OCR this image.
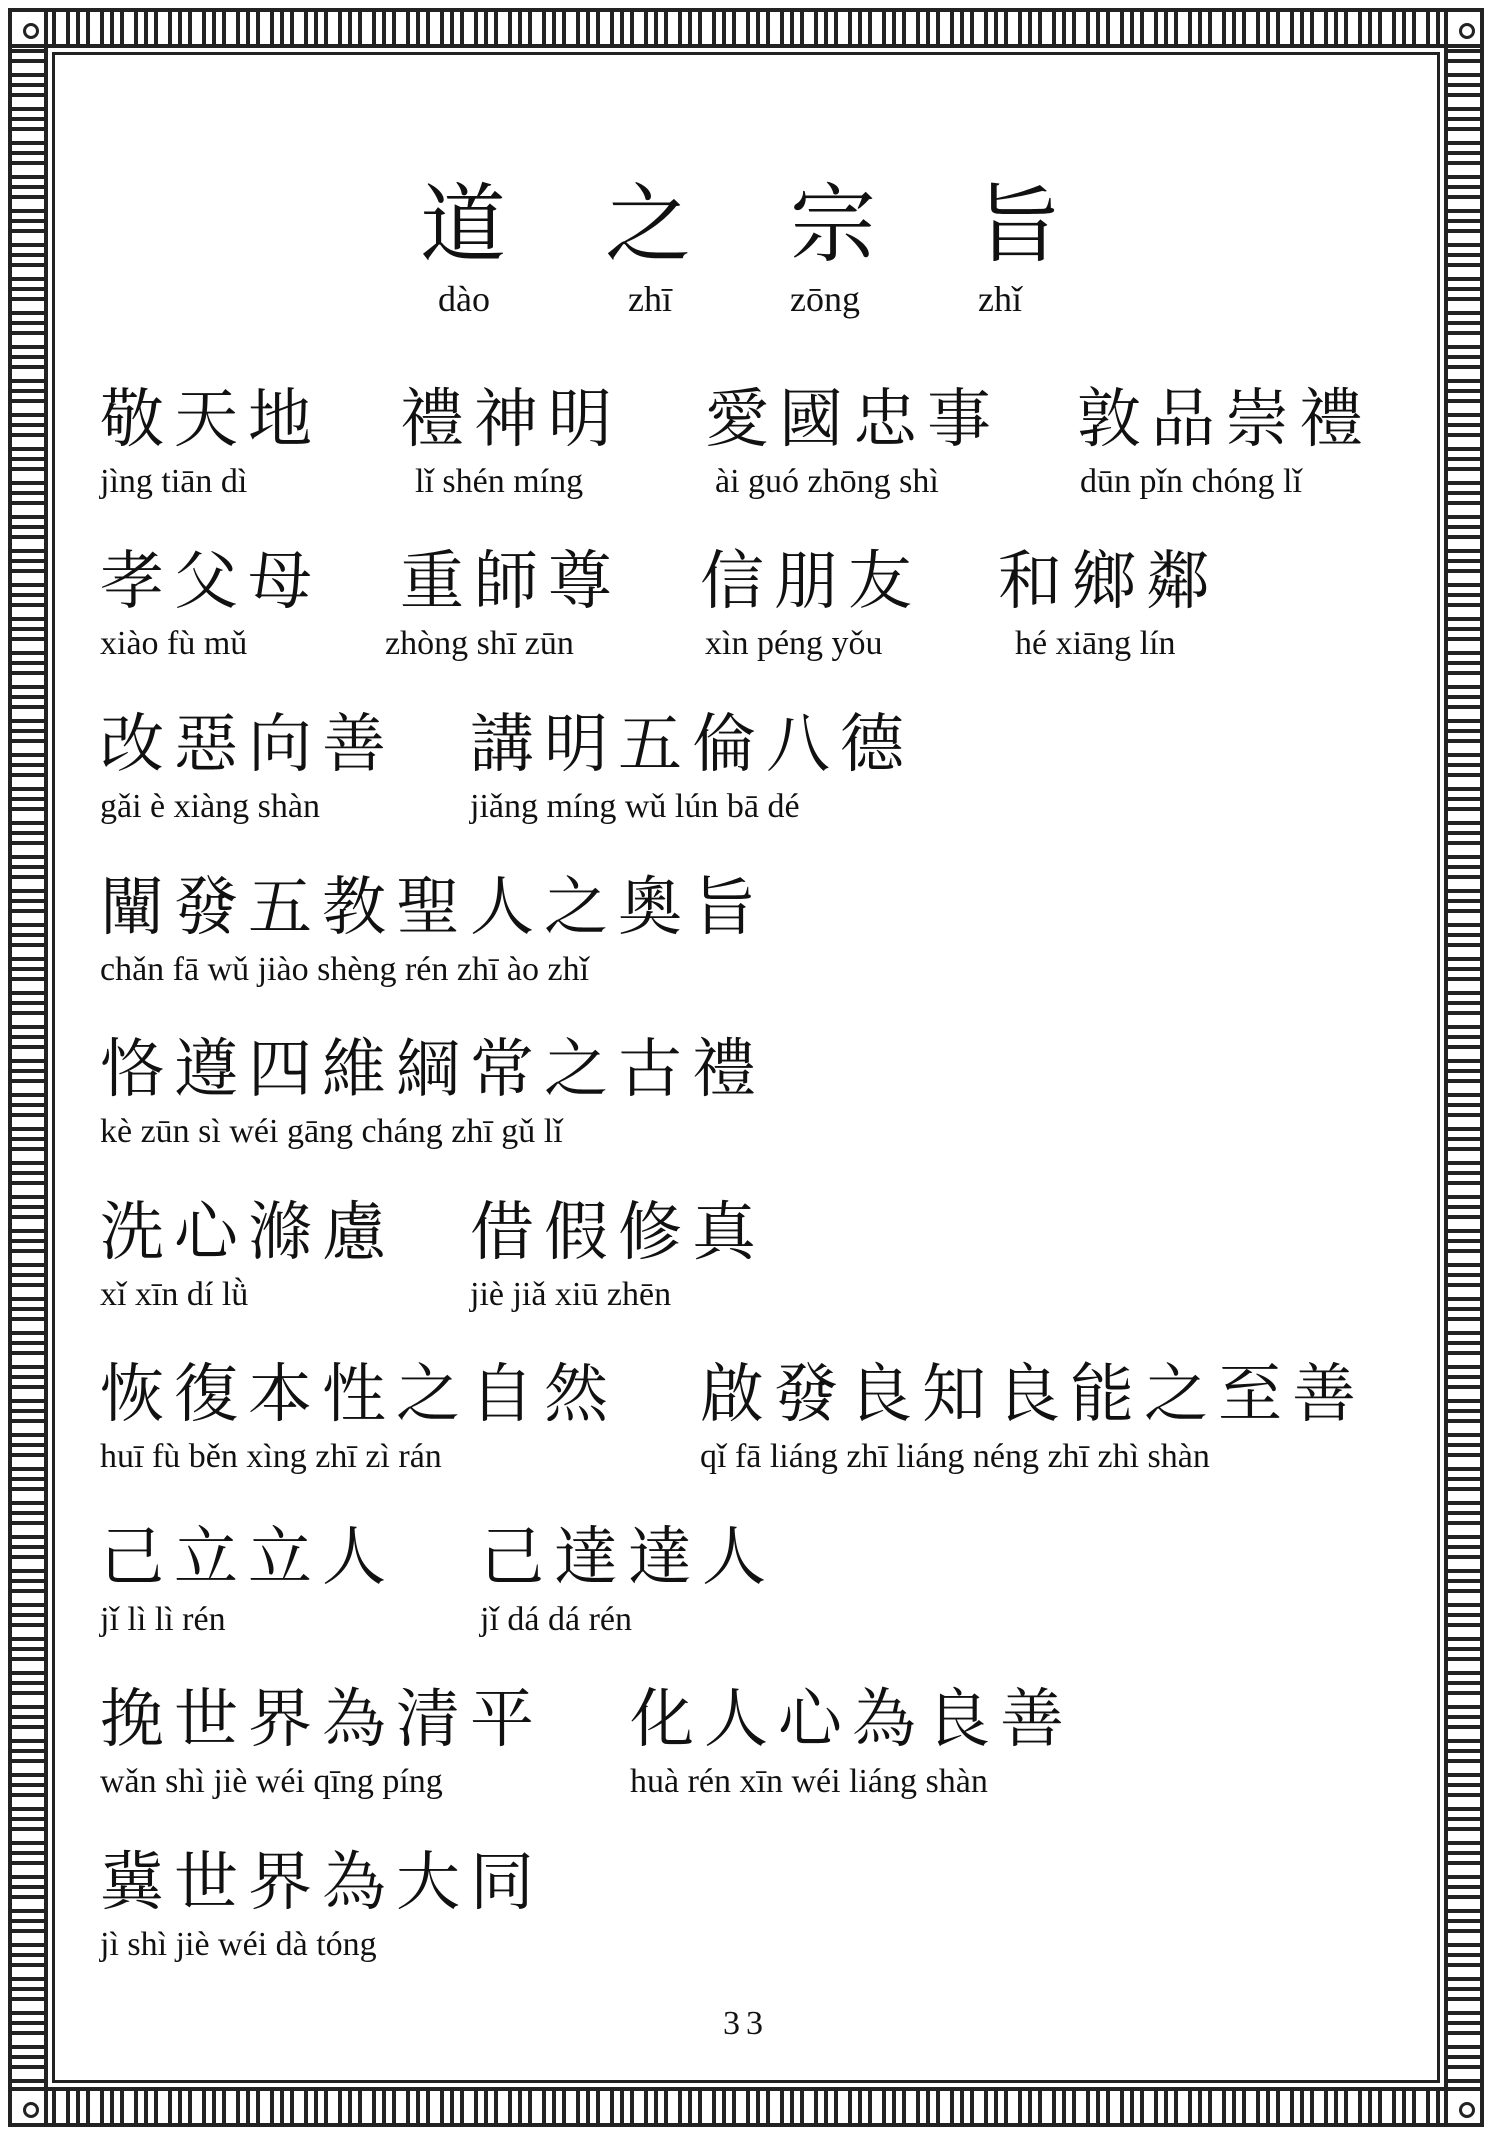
道 之 宗 旨
dào	zhī	zōng	zhǐ
敬天地 禮神明 愛國忠事 敦品崇禮
jìng tiān dì	lǐ shén míng	ài guó zhōng shì	dūn pǐn chóng lǐ
孝父母 重師尊 信朋友 和鄉鄰
xiào fù mǔ	zhòng shī zūn	xìn péng yǒu	hé xiāng lín
改惡向善 講明五倫八德
gǎi è xiàng shàn	jiǎng míng wǔ lún bā dé
闡發五教聖人之奧旨
chǎn fā wǔ jiào shèng rén zhī ào zhǐ
恪遵四維綱常之古禮
kè zūn sì wéi gāng cháng zhī gǔ lǐ
洗心滌慮 借假修真
xǐ xīn dí lǜ	jiè jiǎ xiū zhēn
恢復本性之自然 啟發良知良能之至善
huī fù běn xìng zhī zì rán	qǐ fā liáng zhī liáng néng zhī zhì shàn
己立立人 己達達人
jǐ lì lì rén	jǐ dá dá rén
挽世界為清平 化人心為良善
wǎn shì jiè wéi qīng píng	huà rén xīn wéi liáng shàn
冀世界為大同
jì shì jiè wéi dà tóng
33
